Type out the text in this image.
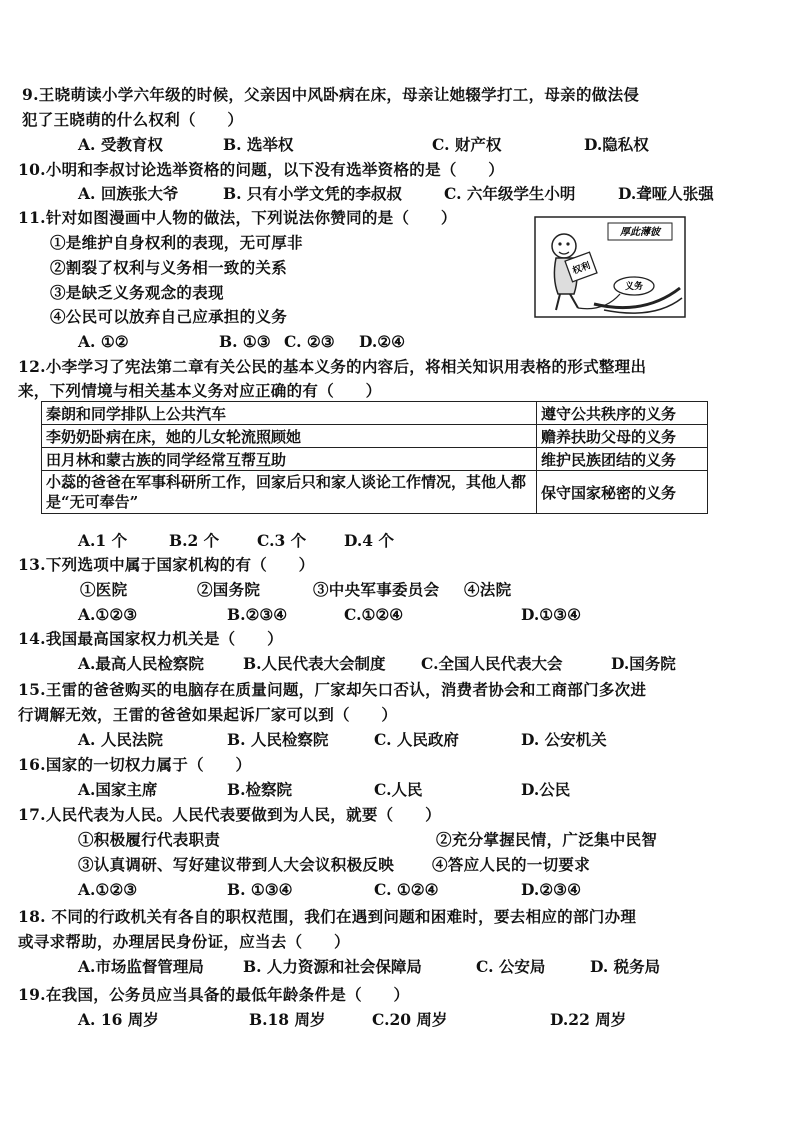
9.王晓萌读小学六年级的时候，父亲因中风卧病在床，母亲让她辍学打工，母亲的做法侵
犯了王晓萌的什么权利（　　）
A. 受教育权	B. 选举权	C. 财产权	D.隐私权
10.小明和李叔讨论选举资格的问题，以下没有选举资格的是（　　）
A. 回族张大爷	B. 只有小学文凭的李叔叔	C. 六年级学生小明	D.聋哑人张强
11.针对如图漫画中人物的做法，下列说法你赞同的是（　　）
①是维护自身权利的表现，无可厚非
②割裂了权利与义务相一致的关系
③是缺乏义务观念的表现
④公民可以放弃自己应承担的义务
A. ①②	B. ①③ C. ②③ D.②④
厚此薄彼
权利
义务
12.小李学习了宪法第二章有关公民的基本义务的内容后，将相关知识用表格的形式整理出
来，下列情境与相关基本义务对应正确的有（　　）
秦朗和同学排队上公共汽车	遵守公共秩序的义务
李奶奶卧病在床，她的儿女轮流照顾她	赡养扶助父母的义务
田月林和蒙古族的同学经常互帮互助	维护民族团结的义务

小蕊的爸爸在军事科研所工作，回家后只和家人谈论工作情况，其他人都是“无可奉告”	保守国家秘密的义务
A.1 个	B.2 个 C.3 个 D.4 个
13.下列选项中属于国家机构的有（　　）
①医院	②国务院	③中央军事委员会 ④法院
A.①②③	B.②③④	C.①②④	D.①③④
14.我国最高国家权力机关是（　　）
A.最高人民检察院	B.人民代表大会制度 C.全国人民代表大会	D.国务院
15.王雷的爸爸购买的电脑存在质量问题，厂家却矢口否认，消费者协会和工商部门多次进
行调解无效，王雷的爸爸如果起诉厂家可以到（　　）
A. 人民法院	B. 人民检察院	C. 人民政府	D. 公安机关
16.国家的一切权力属于（　　）
A.国家主席	B.检察院	C.人民	D.公民
17.人民代表为人民。人民代表要做到为人民，就要（　　）
①积极履行代表职责	②充分掌握民情，广泛集中民智
③认真调研、写好建议带到人大会议积极反映 ④答应人民的一切要求
A.①②③	B. ①③④	C. ①②④	D.②③④
18. 不同的行政机关有各自的职权范围，我们在遇到问题和困难时，要去相应的部门办理
或寻求帮助，办理居民身份证，应当去（　　）
A.市场监督管理局	B. 人力资源和社会保障局	C. 公安局	D. 税务局
19.在我国，公务员应当具备的最低年龄条件是（　　）
A. 16 周岁	B.18 周岁	C.20 周岁	D.22 周岁
